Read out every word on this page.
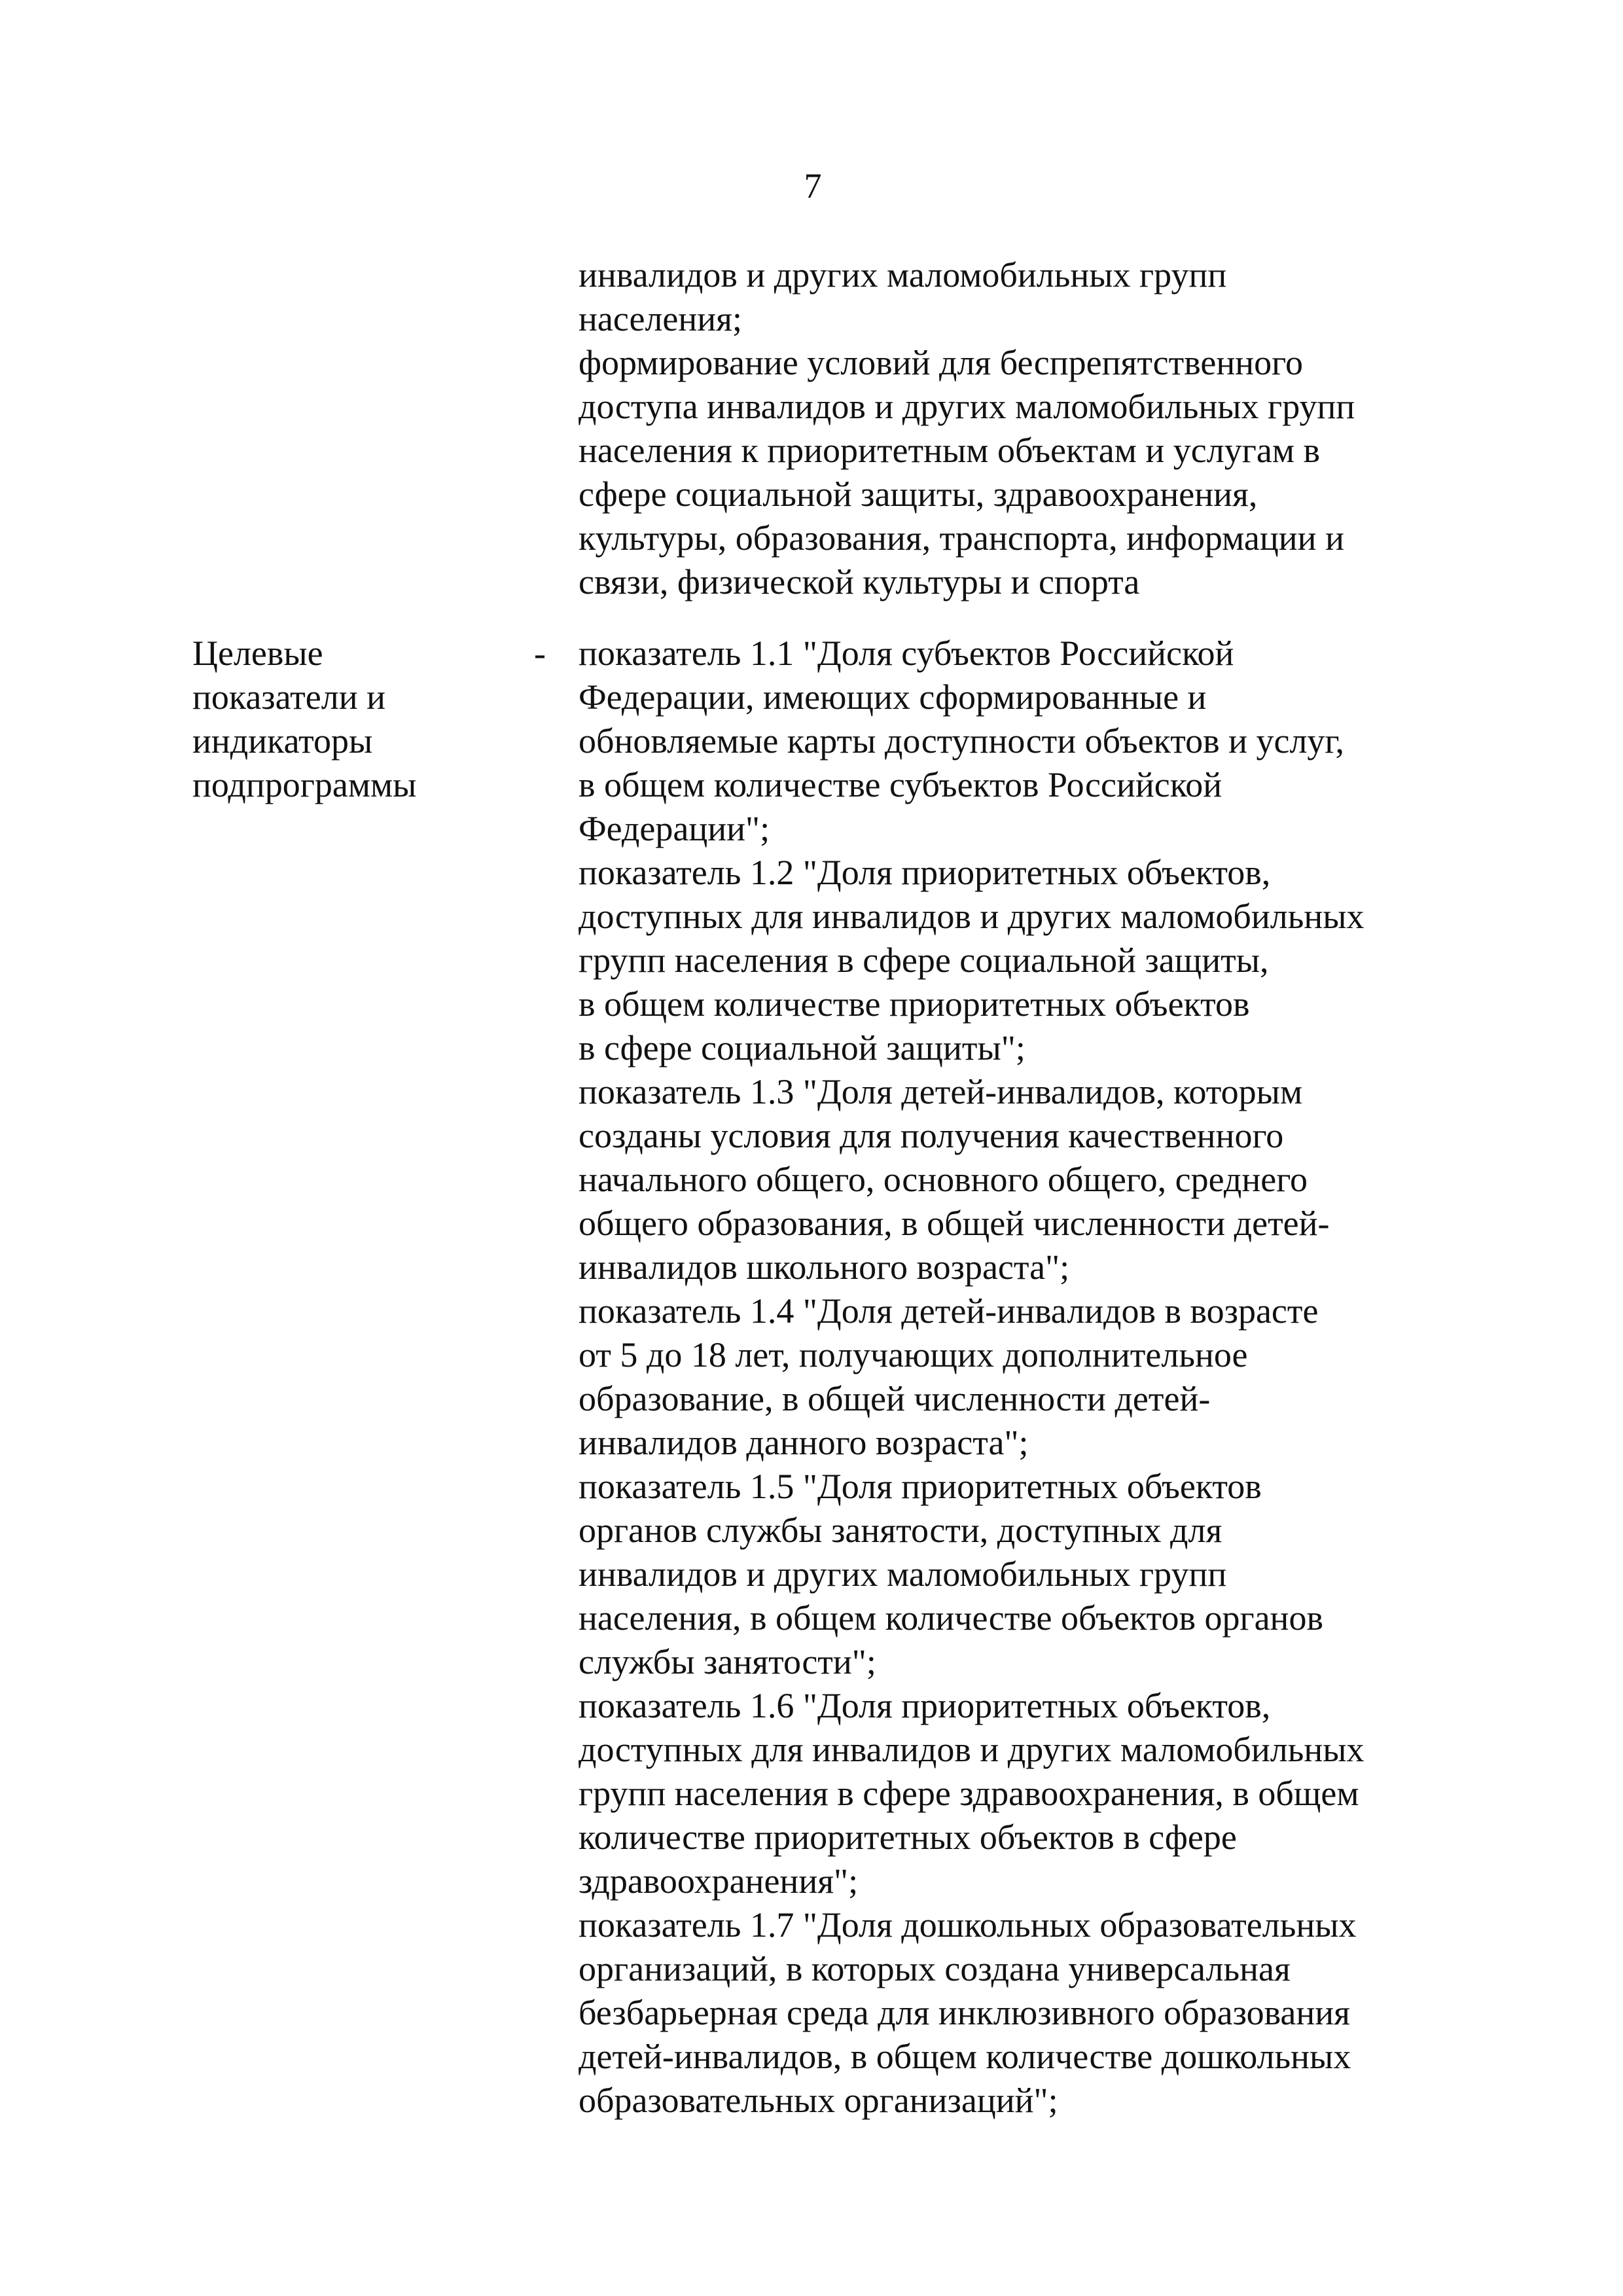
7
инвалидов и других маломобильных групп
населения;
формирование условий для беспрепятственного
доступа инвалидов и других маломобильных групп
населения к приоритетным объектам и услугам в
сфере социальной защиты, здравоохранения,
культуры, образования, транспорта, информации и
связи, физической культуры и спорта
Целевые
показатели и
индикаторы
подпрограммы
- показатель 1.1 "Доля субъектов Российской
Федерации, имеющих сформированные и
обновляемые карты доступности объектов и услуг,
в общем количестве субъектов Российской
Федерации";
показатель 1.2 "Доля приоритетных объектов,
доступных для инвалидов и других маломобильных
групп населения в сфере социальной защиты,
в общем количестве приоритетных объектов
в сфере социальной защиты";
показатель 1.3 "Доля детей-инвалидов, которым
созданы условия для получения качественного
начального общего, основного общего, среднего
общего образования, в общей численности детей-
инвалидов школьного возраста";
показатель 1.4 "Доля детей-инвалидов в возрасте
от 5 до 18 лет, получающих дополнительное
образование, в общей численности детей-
инвалидов данного возраста";
показатель 1.5 "Доля приоритетных объектов
органов службы занятости, доступных для
инвалидов и других маломобильных групп
населения, в общем количестве объектов органов
службы занятости";
показатель 1.6 "Доля приоритетных объектов,
доступных для инвалидов и других маломобильных
групп населения в сфере здравоохранения, в общем
количестве приоритетных объектов в сфере
здравоохранения";
показатель 1.7 "Доля дошкольных образовательных
организаций, в которых создана универсальная
безбарьерная среда для инклюзивного образования
детей-инвалидов, в общем количестве дошкольных
образовательных организаций";
